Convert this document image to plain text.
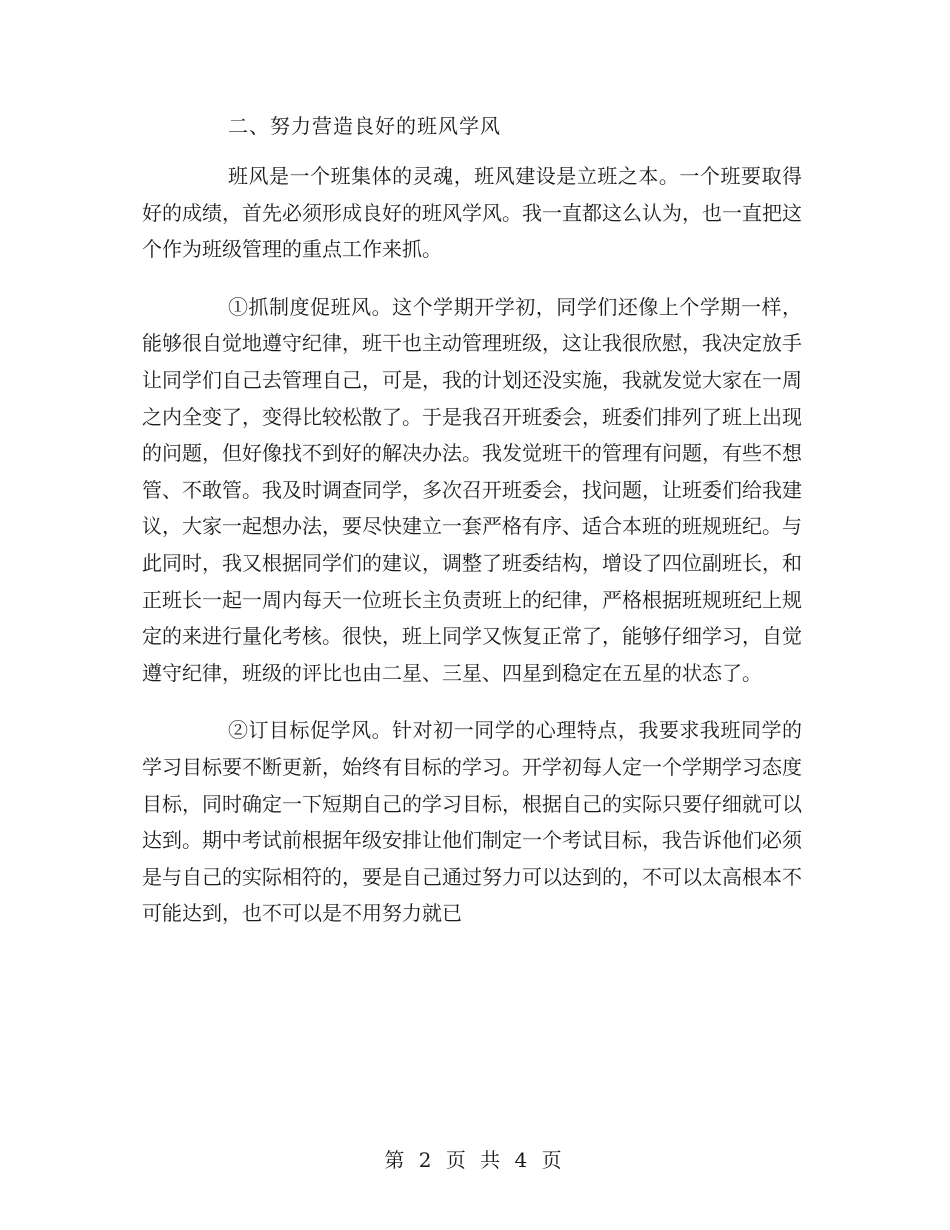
二、努力营造良好的班风学风

班风是一个班集体的灵魂，班风建设是立班之本。一个班要取得好的成绩，首先必须形成良好的班风学风。我一直都这么认为，也一直把这个作为班级管理的重点工作来抓。

①抓制度促班风。这个学期开学初，同学们还像上个学期一样，能够很自觉地遵守纪律，班干也主动管理班级，这让我很欣慰，我决定放手让同学们自己去管理自己，可是，我的计划还没实施，我就发觉大家在一周之内全变了，变得比较松散了。于是我召开班委会，班委们排列了班上出现的问题，但好像找不到好的解决办法。我发觉班干的管理有问题，有些不想管、不敢管。我及时调查同学，多次召开班委会，找问题，让班委们给我建议，大家一起想办法，要尽快建立一套严格有序、适合本班的班规班纪。与此同时，我又根据同学们的建议，调整了班委结构，增设了四位副班长，和正班长一起一周内每天一位班长主负责班上的纪律，严格根据班规班纪上规定的来进行量化考核。很快，班上同学又恢复正常了，能够仔细学习，自觉遵守纪律，班级的评比也由二星、三星、四星到稳定在五星的状态了。

②订目标促学风。针对初一同学的心理特点，我要求我班同学的学习目标要不断更新，始终有目标的学习。开学初每人定一个学期学习态度目标，同时确定一下短期自己的学习目标，根据自己的实际只要仔细就可以达到。期中考试前根据年级安排让他们制定一个考试目标，我告诉他们必须是与自己的实际相符的，要是自己通过努力可以达到的，不可以太高根本不可能达到，也不可以是不用努力就已

第 2 页 共 4 页
